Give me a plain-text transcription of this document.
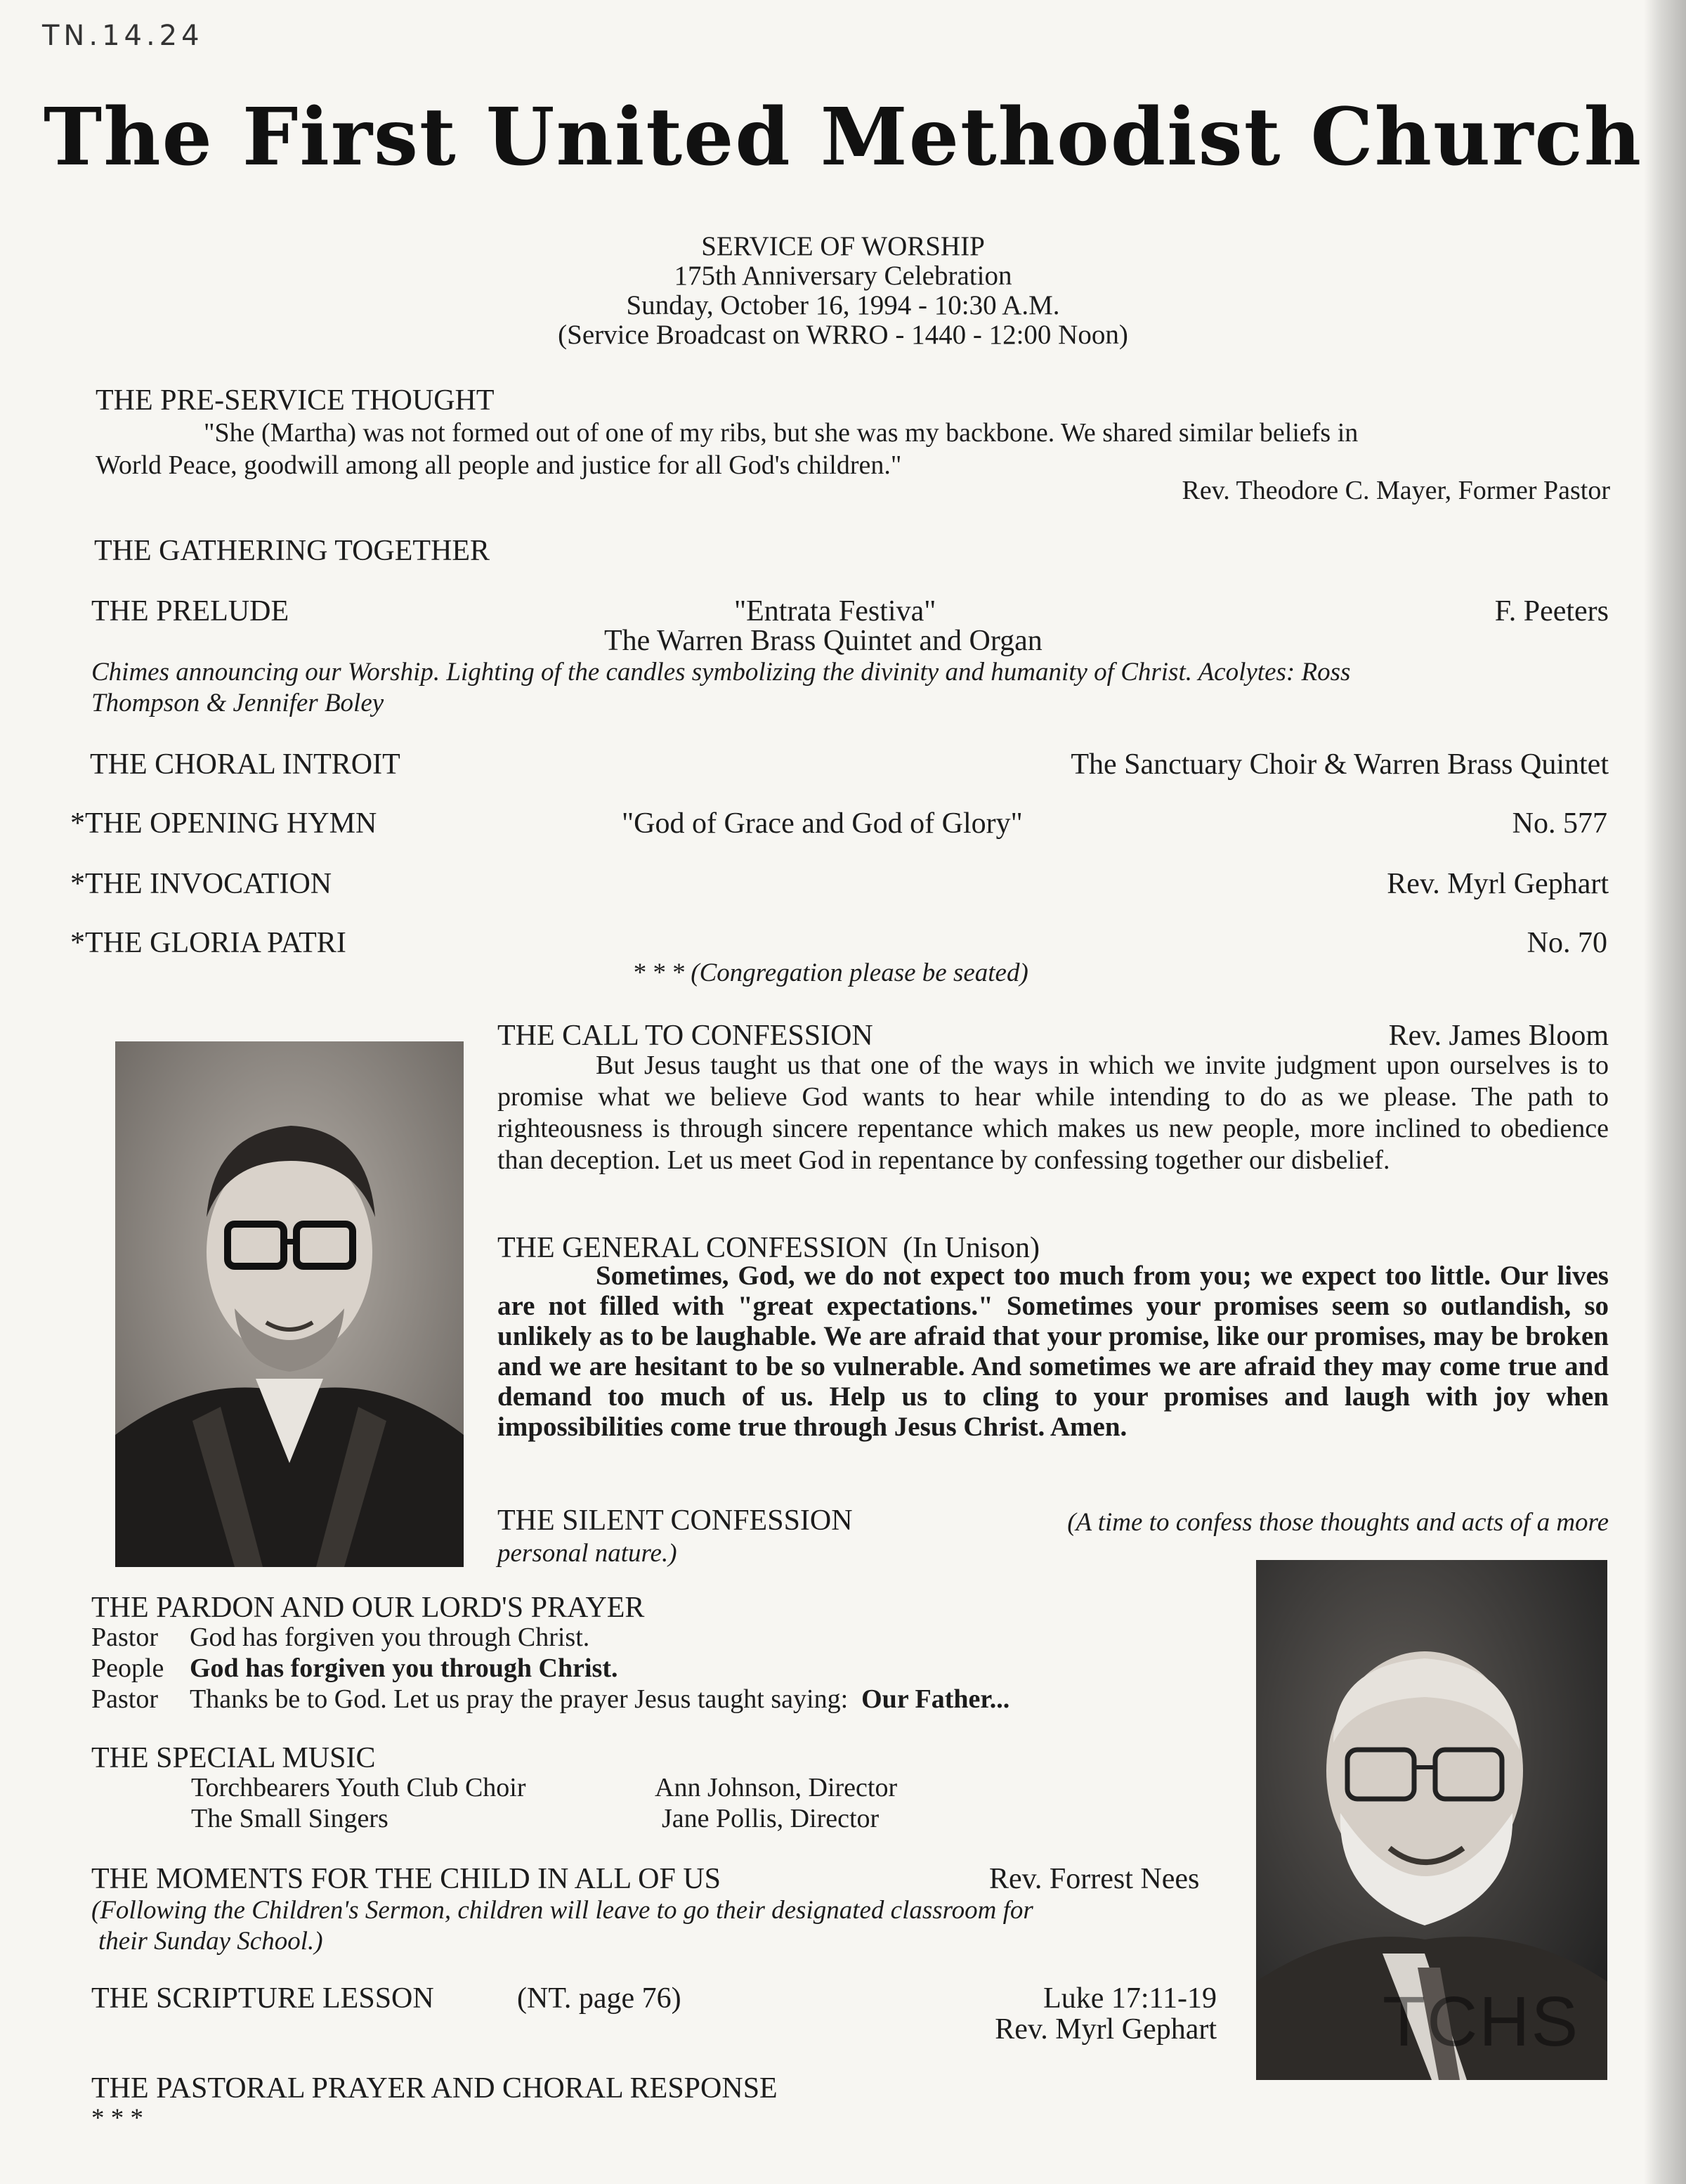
TN.14.24
The First United Methodist Church
SERVICE OF WORSHIP
175th Anniversary Celebration
Sunday, October 16, 1994 - 10:30 A.M.
(Service Broadcast on WRRO - 1440 - 12:00 Noon)
THE PRE-SERVICE THOUGHT
"She (Martha) was not formed out of one of my ribs, but she was my backbone. We shared similar beliefs in
World Peace, goodwill among all people and justice for all God's children."
Rev. Theodore C. Mayer, Former Pastor
THE GATHERING TOGETHER
THE PRELUDE	"Entrata Festiva"	F. Peeters
The Warren Brass Quintet and Organ
Chimes announcing our Worship. Lighting of the candles symbolizing the divinity and humanity of Christ. Acolytes: Ross
Thompson & Jennifer Boley
THE CHORAL INTROIT	The Sanctuary Choir & Warren Brass Quintet
*THE OPENING HYMN	"God of Grace and God of Glory"	No. 577
*THE INVOCATION	Rev. Myrl Gephart
*THE GLORIA PATRI	No. 70
* * * (Congregation please be seated)
THE CALL TO CONFESSION	Rev. James Bloom
But Jesus taught us that one of the ways in which we invite judgment upon ourselves is to promise what we believe God wants to hear while intending to do as we please. The path to righteousness is through sincere repentance which makes us new people, more inclined to obedience than deception. Let us meet God in repentance by confessing together our disbelief.
THE GENERAL CONFESSION (In Unison)
Sometimes, God, we do not expect too much from you; we expect too little. Our lives are not filled with "great expectations." Sometimes your promises seem so outlandish, so unlikely as to be laughable. We are afraid that your promise, like our promises, may be broken and we are hesitant to be so vulnerable. And sometimes we are afraid they may come true and demand too much of us. Help us to cling to your promises and laugh with joy when impossibilities come true through Jesus Christ. Amen.
THE SILENT CONFESSION	(A time to confess those thoughts and acts of a more
personal nature.)
TCHS
THE PARDON AND OUR LORD'S PRAYER
Pastor God has forgiven you through Christ.
People God has forgiven you through Christ.
Pastor Thanks be to God. Let us pray the prayer Jesus taught saying: Our Father...
THE SPECIAL MUSIC
Torchbearers Youth Club Choir	Ann Johnson, Director
The Small Singers	Jane Pollis, Director
THE MOMENTS FOR THE CHILD IN ALL OF US	Rev. Forrest Nees
(Following the Children's Sermon, children will leave to go their designated classroom for
their Sunday School.)
THE SCRIPTURE LESSON	(NT. page 76)	Luke 17:11-19
Rev. Myrl Gephart
THE PASTORAL PRAYER AND CHORAL RESPONSE
* * *
